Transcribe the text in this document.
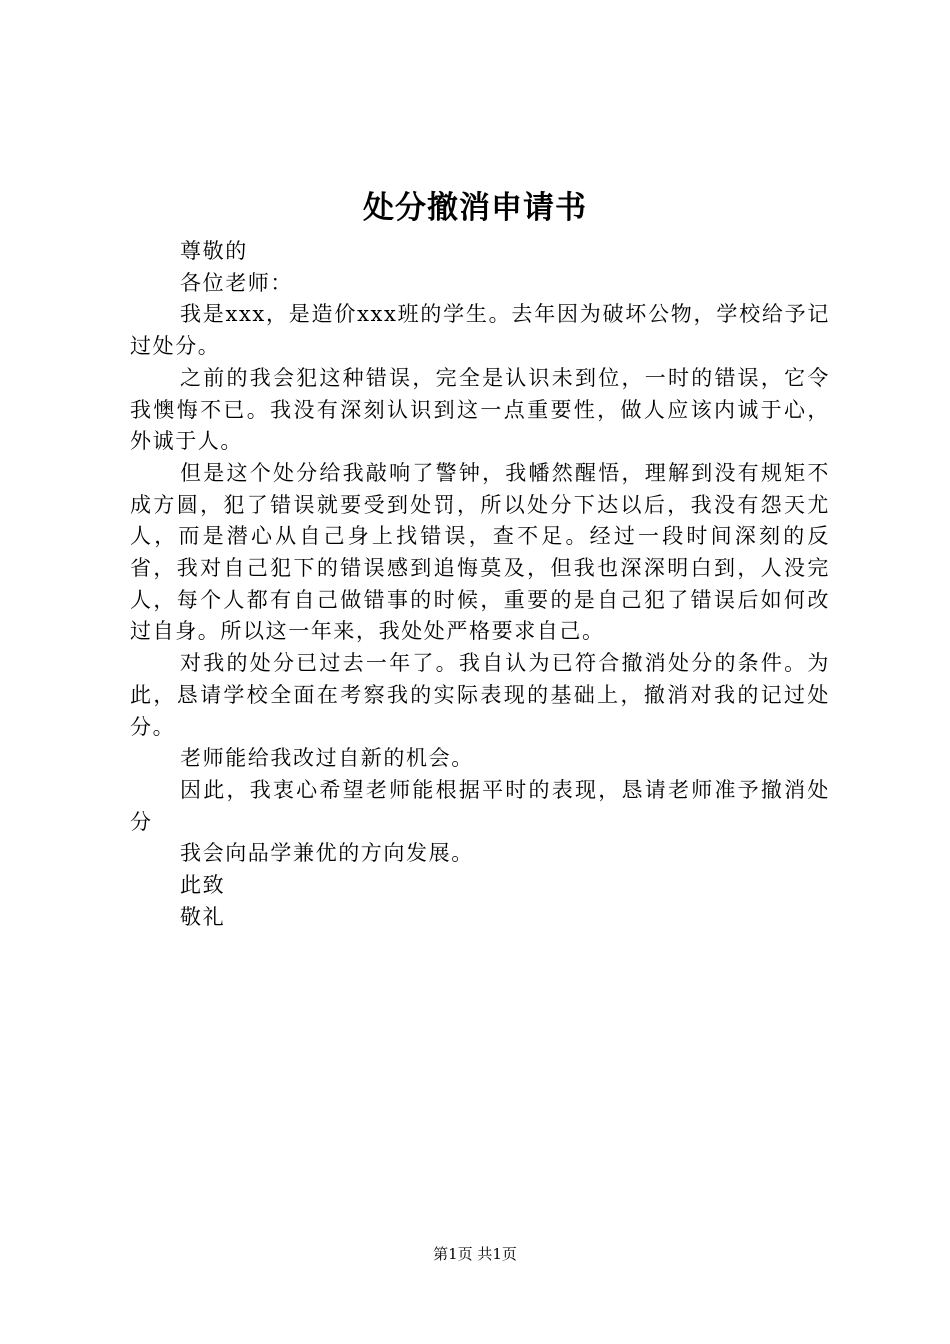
处分撤消申请书

尊敬的

各位老师：

我是xxx，是造价xxx班的学生。去年因为破坏公物，学校给予记过处分。

之前的我会犯这种错误，完全是认识未到位，一时的错误，它令我懊悔不已。我没有深刻认识到这一点重要性，做人应该内诚于心，外诚于人。

但是这个处分给我敲响了警钟，我幡然醒悟，理解到没有规矩不成方圆，犯了错误就要受到处罚，所以处分下达以后，我没有怨天尤人，而是潜心从自己身上找错误，查不足。经过一段时间深刻的反省，我对自己犯下的错误感到追悔莫及，但我也深深明白到，人没完人，每个人都有自己做错事的时候，重要的是自己犯了错误后如何改过自身。所以这一年来，我处处严格要求自己。

对我的处分已过去一年了。我自认为已符合撤消处分的条件。为此，恳请学校全面在考察我的实际表现的基础上，撤消对我的记过处分。

老师能给我改过自新的机会。

因此，我衷心希望老师能根据平时的表现，恳请老师准予撤消处分

我会向品学兼优的方向发展。

此致

敬礼

第1页 共1页
